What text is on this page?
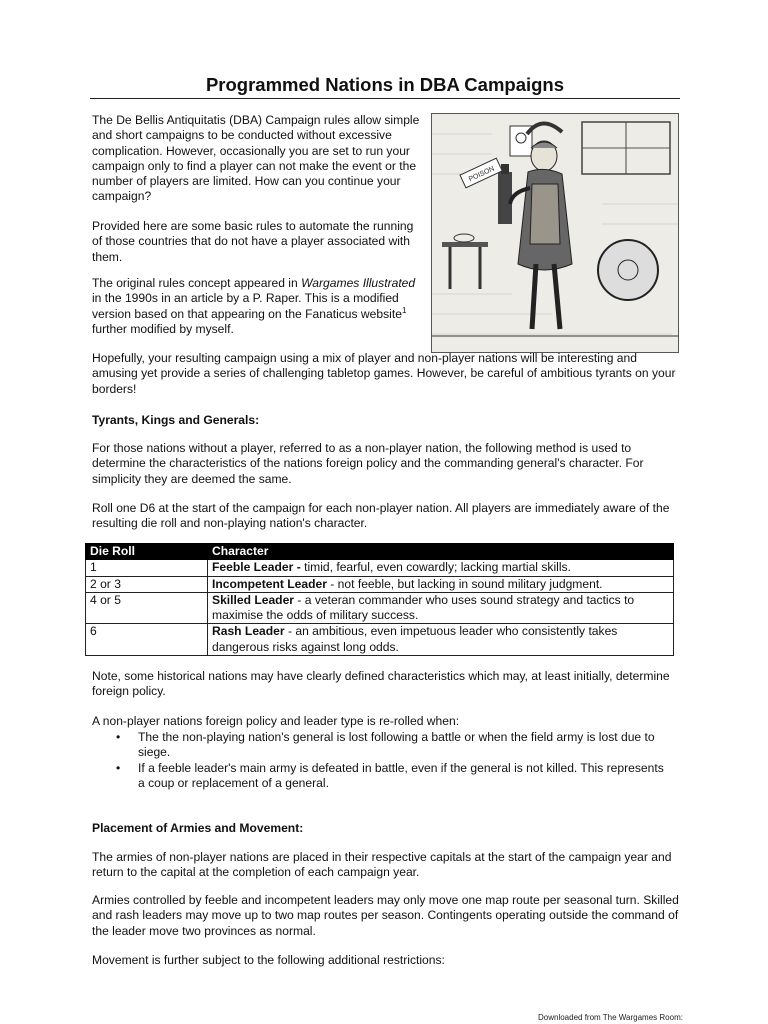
Programmed Nations in DBA Campaigns

The De Bellis Antiquitatis (DBA) Campaign rules allow simple and short campaigns to be conducted without excessive complication. However, occasionally you are set to run your campaign only to find a player can not make the event or the number of players are limited. How can you continue your campaign?

Provided here are some basic rules to automate the running of those countries that do not have a player associated with them.

The original rules concept appeared in Wargames Illustrated in the 1990s in an article by a P. Raper. This is a modified version based on that appearing on the Fanaticus website$^1$ further modified by myself.

POISON

Hopefully, your resulting campaign using a mix of player and non-player nations will be interesting and amusing yet provide a series of challenging tabletop games. However, be careful of ambitious tyrants on your borders!

Tyrants, Kings and Generals:

For those nations without a player, referred to as a non-player nation, the following method is used to determine the characteristics of the nations foreign policy and the commanding general's character. For simplicity they are deemed the same.

Roll one D6 at the start of the campaign for each non-player nation. All players are immediately aware of the resulting die roll and non-playing nation's character.

Die Roll	Character
1	Feeble Leader - timid, fearful, even cowardly; lacking martial skills.
2 or 3	Incompetent Leader - not feeble, but lacking in sound military judgment.
4 or 5	Skilled Leader - a veteran commander who uses sound strategy and tactics to maximise the odds of military success.
6	Rash Leader - an ambitious, even impetuous leader who consistently takes dangerous risks against long odds.

Note, some historical nations may have clearly defined characteristics which may, at least initially, determine foreign policy.

A non-player nations foreign policy and leader type is re-rolled when:

• The the non-playing nation's general is lost following a battle or when the field army is lost due to siege.
• If a feeble leader's main army is defeated in battle, even if the general is not killed. This represents a coup or replacement of a general.

Placement of Armies and Movement:

The armies of non-player nations are placed in their respective capitals at the start of the campaign year and return to the capital at the completion of each campaign year.

Armies controlled by feeble and incompetent leaders may only move one map route per seasonal turn. Skilled and rash leaders may move up to two map routes per season. Contingents operating outside the command of the leader move two provinces as normal.

Movement is further subject to the following additional restrictions:

Downloaded from The Wargames Room:
